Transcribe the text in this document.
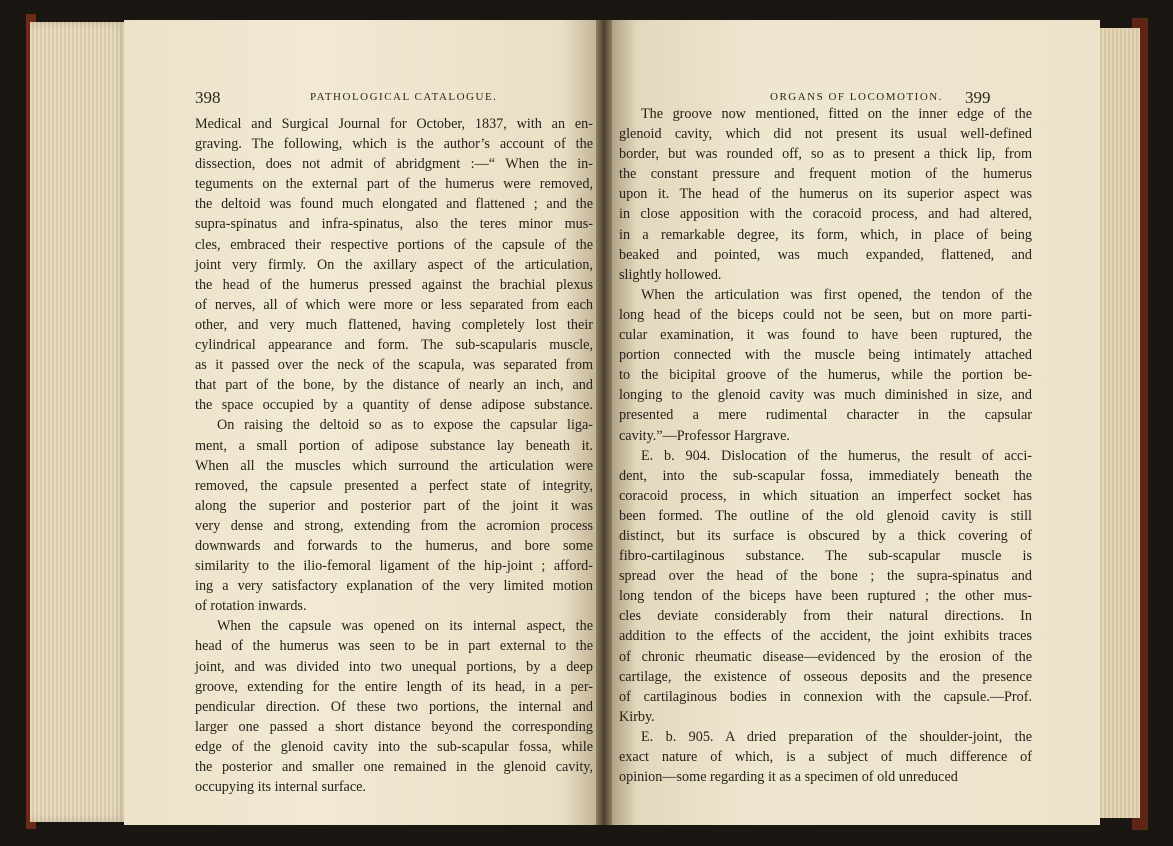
398	PATHOLOGICAL CATALOGUE.	ORGANS OF LOCOMOTION. 399
Medical and Surgical Journal for October, 1837, with an en-
graving. The following, which is the author’s account of the
dissection, does not admit of abridgment :—“ When the in-
teguments on the external part of the humerus were removed,
the deltoid was found much elongated and flattened ; and the
supra-spinatus and infra-spinatus, also the teres minor mus-
cles, embraced their respective portions of the capsule of the
joint very firmly. On the axillary aspect of the articulation,
the head of the humerus pressed against the brachial plexus
of nerves, all of which were more or less separated from each
other, and very much flattened, having completely lost their
cylindrical appearance and form. The sub-scapularis muscle,
as it passed over the neck of the scapula, was separated from
that part of the bone, by the distance of nearly an inch, and
the space occupied by a quantity of dense adipose substance.
On raising the deltoid so as to expose the capsular liga-
ment, a small portion of adipose substance lay beneath it.
When all the muscles which surround the articulation were
removed, the capsule presented a perfect state of integrity,
along the superior and posterior part of the joint it was
very dense and strong, extending from the acromion process
downwards and forwards to the humerus, and bore some
similarity to the ilio-femoral ligament of the hip-joint ; afford-
ing a very satisfactory explanation of the very limited motion
of rotation inwards.
When the capsule was opened on its internal aspect, the
head of the humerus was seen to be in part external to the
joint, and was divided into two unequal portions, by a deep
groove, extending for the entire length of its head, in a per-
pendicular direction. Of these two portions, the internal and
larger one passed a short distance beyond the corresponding
edge of the glenoid cavity into the sub-scapular fossa, while
the posterior and smaller one remained in the glenoid cavity,
occupying its internal surface.
The groove now mentioned, fitted on the inner edge of the
glenoid cavity, which did not present its usual well-defined
border, but was rounded off, so as to present a thick lip, from
the constant pressure and frequent motion of the humerus
upon it. The head of the humerus on its superior aspect was
in close apposition with the coracoid process, and had altered,
in a remarkable degree, its form, which, in place of being
beaked and pointed, was much expanded, flattened, and
slightly hollowed.
When the articulation was first opened, the tendon of the
long head of the biceps could not be seen, but on more parti-
cular examination, it was found to have been ruptured, the
portion connected with the muscle being intimately attached
to the bicipital groove of the humerus, while the portion be-
longing to the glenoid cavity was much diminished in size, and
presented a mere rudimental character in the capsular
cavity.”—Professor Hargrave.
E. b. 904. Dislocation of the humerus, the result of acci-
dent, into the sub-scapular fossa, immediately beneath the
coracoid process, in which situation an imperfect socket has
been formed. The outline of the old glenoid cavity is still
distinct, but its surface is obscured by a thick covering of
fibro-cartilaginous substance. The sub-scapular muscle is
spread over the head of the bone ; the supra-spinatus and
long tendon of the biceps have been ruptured ; the other mus-
cles deviate considerably from their natural directions. In
addition to the effects of the accident, the joint exhibits traces
of chronic rheumatic disease—evidenced by the erosion of the
cartilage, the existence of osseous deposits and the presence
of cartilaginous bodies in connexion with the capsule.—Prof.
Kirby.
E. b. 905. A dried preparation of the shoulder-joint, the
exact nature of which, is a subject of much difference of
opinion—some regarding it as a specimen of old unreduced
